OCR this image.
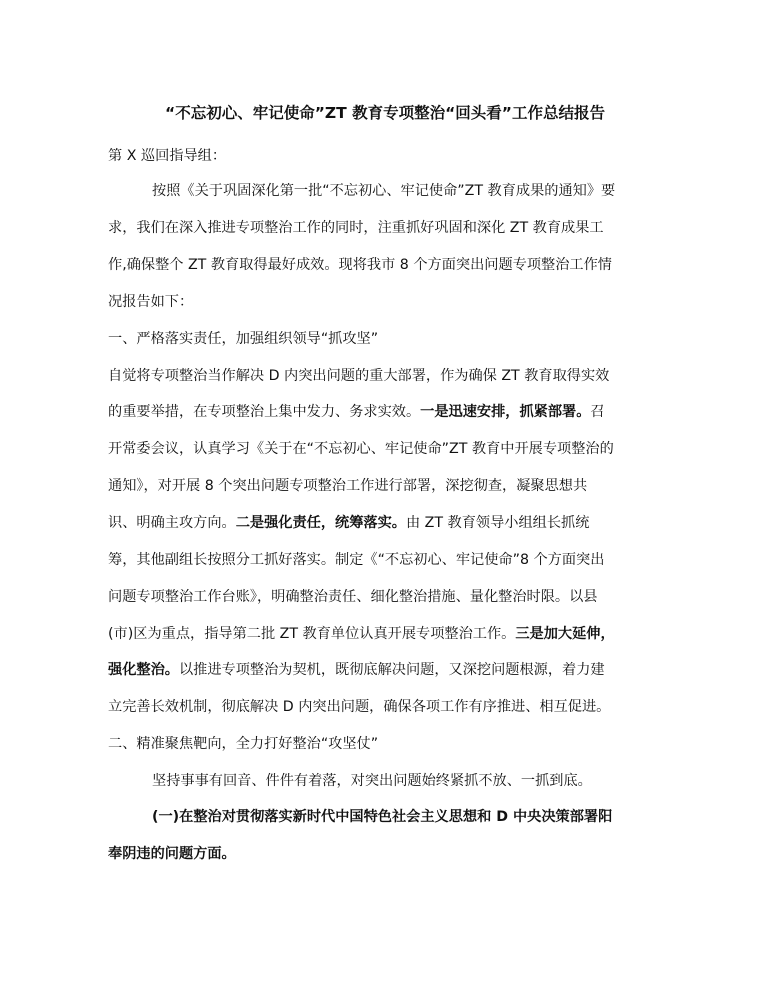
“不忘初心、牢记使命”ZT 教育专项整治“回头看”工作总结报告
第 X 巡回指导组：
按照《关于巩固深化第一批“不忘初心、牢记使命”ZT 教育成果的通知》要
求，我们在深入推进专项整治工作的同时，注重抓好巩固和深化 ZT 教育成果工
作,确保整个 ZT 教育取得最好成效。现将我市 8 个方面突出问题专项整治工作情
况报告如下：
一、严格落实责任，加强组织领导“抓攻坚”
自觉将专项整治当作解决 D 内突出问题的重大部署，作为确保 ZT 教育取得实效
的重要举措，在专项整治上集中发力、务求实效。一是迅速安排，抓紧部署。召
开常委会议，认真学习《关于在“不忘初心、牢记使命”ZT 教育中开展专项整治的
通知》，对开展 8 个突出问题专项整治工作进行部署，深挖彻查，凝聚思想共
识、明确主攻方向。二是强化责任，统筹落实。由 ZT 教育领导小组组长抓统
筹，其他副组长按照分工抓好落实。制定《“不忘初心、牢记使命”8 个方面突出
问题专项整治工作台账》，明确整治责任、细化整治措施、量化整治时限。以县
(市)区为重点，指导第二批 ZT 教育单位认真开展专项整治工作。三是加大延伸，
强化整治。以推进专项整治为契机，既彻底解决问题，又深挖问题根源，着力建
立完善长效机制，彻底解决 D 内突出问题，确保各项工作有序推进、相互促进。
二、精准聚焦靶向，全力打好整治“攻坚仗”
坚持事事有回音、件件有着落，对突出问题始终紧抓不放、一抓到底。
(一)在整治对贯彻落实新时代中国特色社会主义思想和 D 中央决策部署阳
奉阴违的问题方面。
